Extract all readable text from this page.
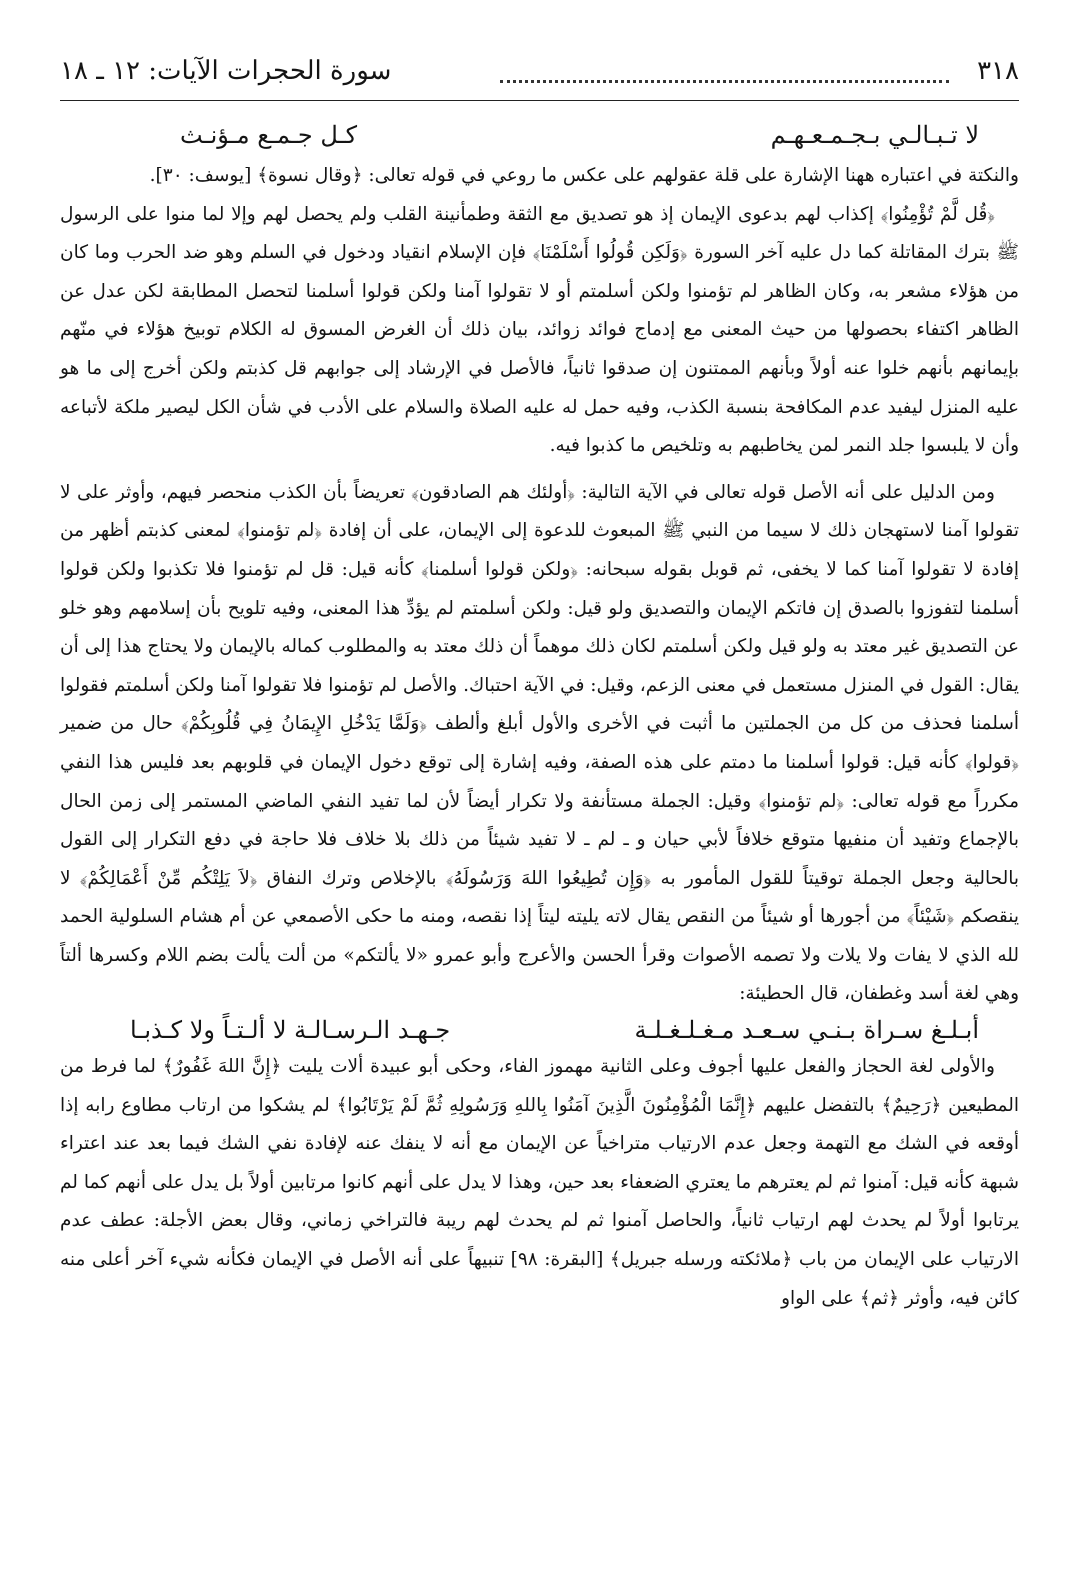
٣١٨
سورة الحجرات الآيات: ١٢ ـ ١٨
لا تـبـالـي بـجـمـعـهـم
كـل جـمـع مـؤنـث

والنكتة في اعتباره ههنا الإشارة على قلة عقولهم على عكس ما روعي في قوله تعالى: ﴿وقال نسوة﴾ [يوسف: ٣٠].

﴿قُل لَّمْ تُؤْمِنُوا﴾ إكذاب لهم بدعوى الإيمان إذ هو تصديق مع الثقة وطمأنينة القلب ولم يحصل لهم وإلا لما منوا على الرسول ﷺ بترك المقاتلة كما دل عليه آخر السورة ﴿وَلَكِن قُولُوا أَسْلَمْنَا﴾ فإن الإسلام انقياد ودخول في السلم وهو ضد الحرب وما كان من هؤلاء مشعر به، وكان الظاهر لم تؤمنوا ولكن أسلمتم أو لا تقولوا آمنا ولكن قولوا أسلمنا لتحصل المطابقة لكن عدل عن الظاهر اكتفاء بحصولها من حيث المعنى مع إدماج فوائد زوائد، بيان ذلك أن الغرض المسوق له الكلام توبيخ هؤلاء في منّهم بإيمانهم بأنهم خلوا عنه أولاً وبأنهم الممتنون إن صدقوا ثانياً، فالأصل في الإرشاد إلى جوابهم قل كذبتم ولكن أخرج إلى ما هو عليه المنزل ليفيد عدم المكافحة بنسبة الكذب، وفيه حمل له عليه الصلاة والسلام على الأدب في شأن الكل ليصير ملكة لأتباعه وأن لا يلبسوا جلد النمر لمن يخاطبهم به وتلخيص ما كذبوا فيه.

ومن الدليل على أنه الأصل قوله تعالى في الآية التالية: ﴿أولئك هم الصادقون﴾ تعريضاً بأن الكذب منحصر فيهم، وأوثر على لا تقولوا آمنا لاستهجان ذلك لا سيما من النبي ﷺ المبعوث للدعوة إلى الإيمان، على أن إفادة ﴿لم تؤمنوا﴾ لمعنى كذبتم أظهر من إفادة لا تقولوا آمنا كما لا يخفى، ثم قوبل بقوله سبحانه: ﴿ولكن قولوا أسلمنا﴾ كأنه قيل: قل لم تؤمنوا فلا تكذبوا ولكن قولوا أسلمنا لتفوزوا بالصدق إن فاتكم الإيمان والتصديق ولو قيل: ولكن أسلمتم لم يؤدِّ هذا المعنى، وفيه تلويح بأن إسلامهم وهو خلو عن التصديق غير معتد به ولو قيل ولكن أسلمتم لكان ذلك موهماً أن ذلك معتد به والمطلوب كماله بالإيمان ولا يحتاج هذا إلى أن يقال: القول في المنزل مستعمل في معنى الزعم، وقيل: في الآية احتباك. والأصل لم تؤمنوا فلا تقولوا آمنا ولكن أسلمتم فقولوا أسلمنا فحذف من كل من الجملتين ما أثبت في الأخرى والأول أبلغ وألطف ﴿وَلَمَّا يَدْخُلِ الإِيمَانُ فِي قُلُوبِكُمْ﴾ حال من ضمير ﴿قولوا﴾ كأنه قيل: قولوا أسلمنا ما دمتم على هذه الصفة، وفيه إشارة إلى توقع دخول الإيمان في قلوبهم بعد فليس هذا النفي مكرراً مع قوله تعالى: ﴿لم تؤمنوا﴾ وقيل: الجملة مستأنفة ولا تكرار أيضاً لأن لما تفيد النفي الماضي المستمر إلى زمن الحال بالإجماع وتفيد أن منفيها متوقع خلافاً لأبي حيان و ـ لم ـ لا تفيد شيئاً من ذلك بلا خلاف فلا حاجة في دفع التكرار إلى القول بالحالية وجعل الجملة توقيتاً للقول المأمور به ﴿وَإِن تُطِيعُوا اللهَ وَرَسُولَهُ﴾ بالإخلاص وترك النفاق ﴿لاَ يَلِتْكُم مِّنْ أَعْمَالِكُمْ﴾ لا ينقصكم ﴿شَيْئاً﴾ من أجورها أو شيئاً من النقص يقال لاته يليته ليتاً إذا نقصه، ومنه ما حكى الأصمعي عن أم هشام السلولية الحمد لله الذي لا يفات ولا يلات ولا تصمه الأصوات وقرأ الحسن والأعرج وأبو عمرو «لا يألتكم» من ألت يألت بضم اللام وكسرها ألتاً وهي لغة أسد وغطفان، قال الحطيئة:

أبـلـغ سـراة بـنـي سـعـد مـغـلـغـلـة
جـهـد الـرسـالـة لا ألـتـاً ولا كـذبـا

والأولى لغة الحجاز والفعل عليها أجوف وعلى الثانية مهموز الفاء، وحكى أبو عبيدة ألات يليت ﴿إِنَّ اللهَ غَفُورٌ﴾ لما فرط من المطيعين ﴿رَحِيمٌ﴾ بالتفضل عليهم ﴿إِنَّمَا الْمُؤْمِنُونَ الَّذِينَ آمَنُوا بِاللهِ وَرَسُولِهِ ثُمَّ لَمْ يَرْتَابُوا﴾ لم يشكوا من ارتاب مطاوع رابه إذا أوقعه في الشك مع التهمة وجعل عدم الارتياب متراخياً عن الإيمان مع أنه لا ينفك عنه لإفادة نفي الشك فيما بعد عند اعتراء شبهة كأنه قيل: آمنوا ثم لم يعترهم ما يعتري الضعفاء بعد حين، وهذا لا يدل على أنهم كانوا مرتابين أولاً بل يدل على أنهم كما لم يرتابوا أولاً لم يحدث لهم ارتياب ثانياً، والحاصل آمنوا ثم لم يحدث لهم ريبة فالتراخي زماني، وقال بعض الأجلة: عطف عدم الارتياب على الإيمان من باب ﴿ملائكته ورسله جبريل﴾ [البقرة: ٩٨] تنبيهاً على أنه الأصل في الإيمان فكأنه شيء آخر أعلى منه كائن فيه، وأوثر ﴿ثم﴾ على الواو
